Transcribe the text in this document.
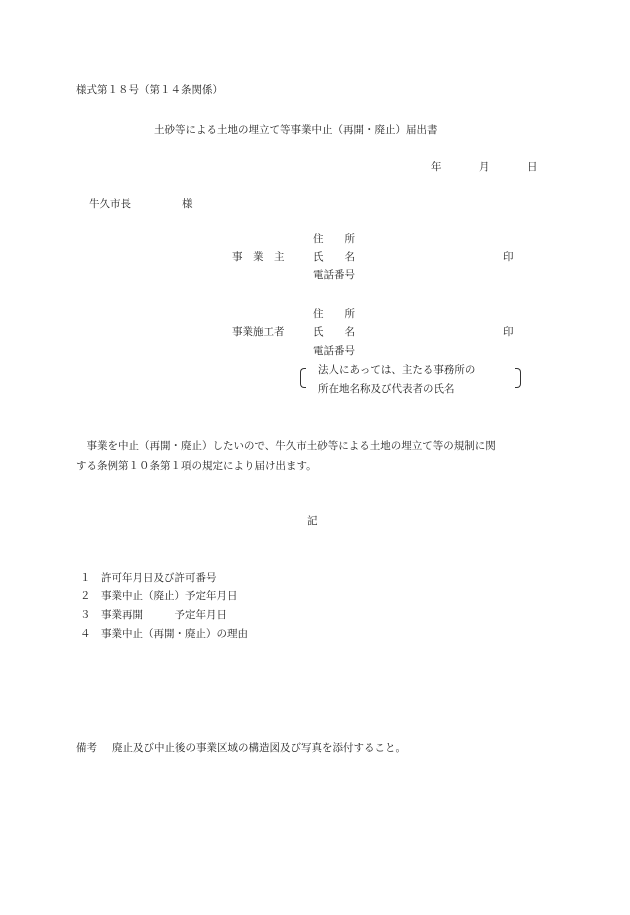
様式第１８号（第１４条関係）
土砂等による土地の埋立て等事業中止（再開・廃止）届出書
年	月	日
牛久市長	様
住　　所
事　業　主	氏　　名	印
電話番号
住　　所
事業施工者	氏　　名	印
電話番号
法人にあっては、主たる事務所の
所在地名称及び代表者の氏名
　事業を中止（再開・廃止）したいので、牛久市土砂等による土地の埋立て等の規制に関
する条例第１０条第１項の規定により届け出ます。
記
１ 許可年月日及び許可番号
２ 事業中止（廃止）予定年月日
３ 事業再開　　　予定年月日
４ 事業中止（再開・廃止）の理由
備考 廃止及び中止後の事業区域の構造図及び写真を添付すること。
